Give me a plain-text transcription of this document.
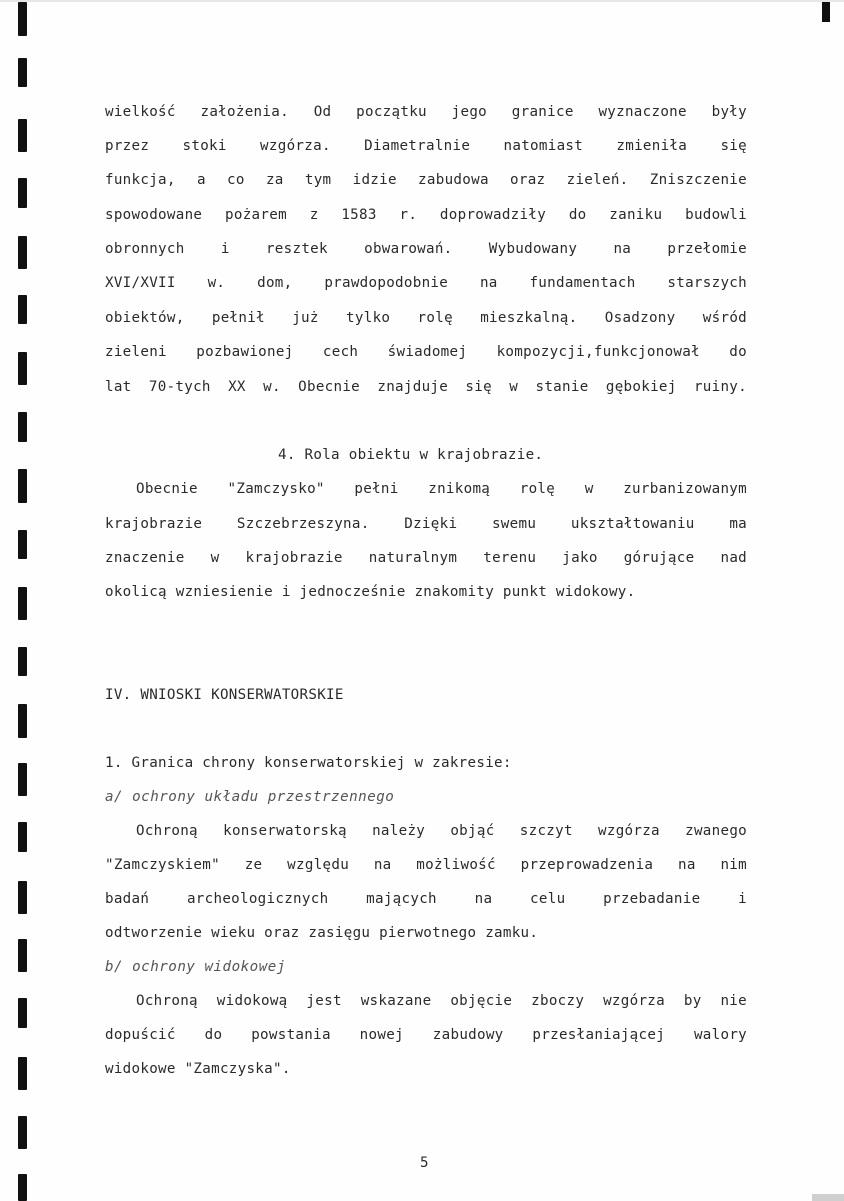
wielkość założenia. Od początku jego granice wyznaczone były
przez stoki wzgórza. Diametralnie natomiast zmieniła się
funkcja, a co za tym idzie zabudowa oraz zieleń. Zniszczenie
spowodowane pożarem z 1583 r. doprowadziły do zaniku budowli
obronnych i resztek obwarowań. Wybudowany na przełomie
XVI/XVII w. dom, prawdopodobnie na fundamentach starszych
obiektów, pełnił już tylko rolę mieszkalną. Osadzony wśród
zieleni pozbawionej cech świadomej kompozycji,funkcjonował do
lat 70-tych XX w. Obecnie znajduje się w stanie gębokiej ruiny.
4. Rola obiektu w krajobrazie.
Obecnie "Zamczysko" pełni znikomą rolę w zurbanizowanym
krajobrazie Szczebrzeszyna. Dzięki swemu ukształtowaniu ma
znaczenie w krajobrazie naturalnym terenu jako górujące nad
okolicą wzniesienie i jednocześnie znakomity punkt widokowy.
IV. WNIOSKI KONSERWATORSKIE
1. Granica chrony konserwatorskiej w zakresie:
a/ ochrony układu przestrzennego
Ochroną konserwatorską należy objąć szczyt wzgórza zwanego
"Zamczyskiem" ze względu na możliwość przeprowadzenia na nim
badań archeologicznych mających na celu przebadanie i
odtworzenie wieku oraz zasięgu pierwotnego zamku.
b/ ochrony widokowej
Ochroną widokową jest wskazane objęcie zboczy wzgórza by nie
dopuścić do powstania nowej zabudowy przesłaniającej walory
widokowe "Zamczyska".
5
